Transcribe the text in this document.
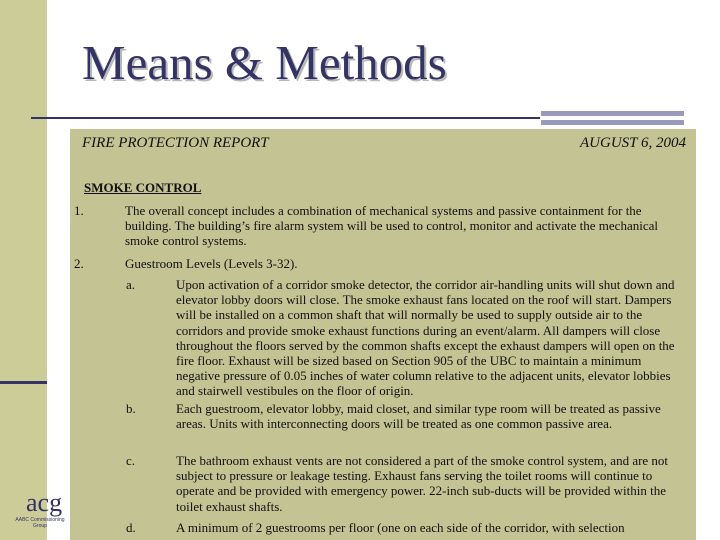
Means & Methods
acg
AABC Commissioning Group
FIRE PROTECTION REPORT	AUGUST 6, 2004
SMOKE CONTROL
1.	The overall concept includes a combination of mechanical systems and passive containment for the building. The building’s fire alarm system will be used to control, monitor and activate the mechanical smoke control systems.
2.	Guestroom Levels (Levels 3-32).
a.	Upon activation of a corridor smoke detector, the corridor air-handling units will shut down and elevator lobby doors will close. The smoke exhaust fans located on the roof will start. Dampers will be installed on a common shaft that will normally be used to supply outside air to the corridors and provide smoke exhaust functions during an event/alarm. All dampers will close throughout the floors served by the common shafts except the exhaust dampers will open on the fire floor. Exhaust will be sized based on Section 905 of the UBC to maintain a minimum negative pressure of 0.05 inches of water column relative to the adjacent units, elevator lobbies and stairwell vestibules on the floor of origin.
b.	Each guestroom, elevator lobby, maid closet, and similar type room will be treated as passive areas. Units with interconnecting doors will be treated as one common passive area.
c.	The bathroom exhaust vents are not considered a part of the smoke control system, and are not subject to pressure or leakage testing. Exhaust fans serving the toilet rooms will continue to operate and be provided with emergency power. 22-inch sub-ducts will be provided within the toilet exhaust shafts.
d.	A minimum of 2 guestrooms per floor (one on each side of the corridor, with selection
